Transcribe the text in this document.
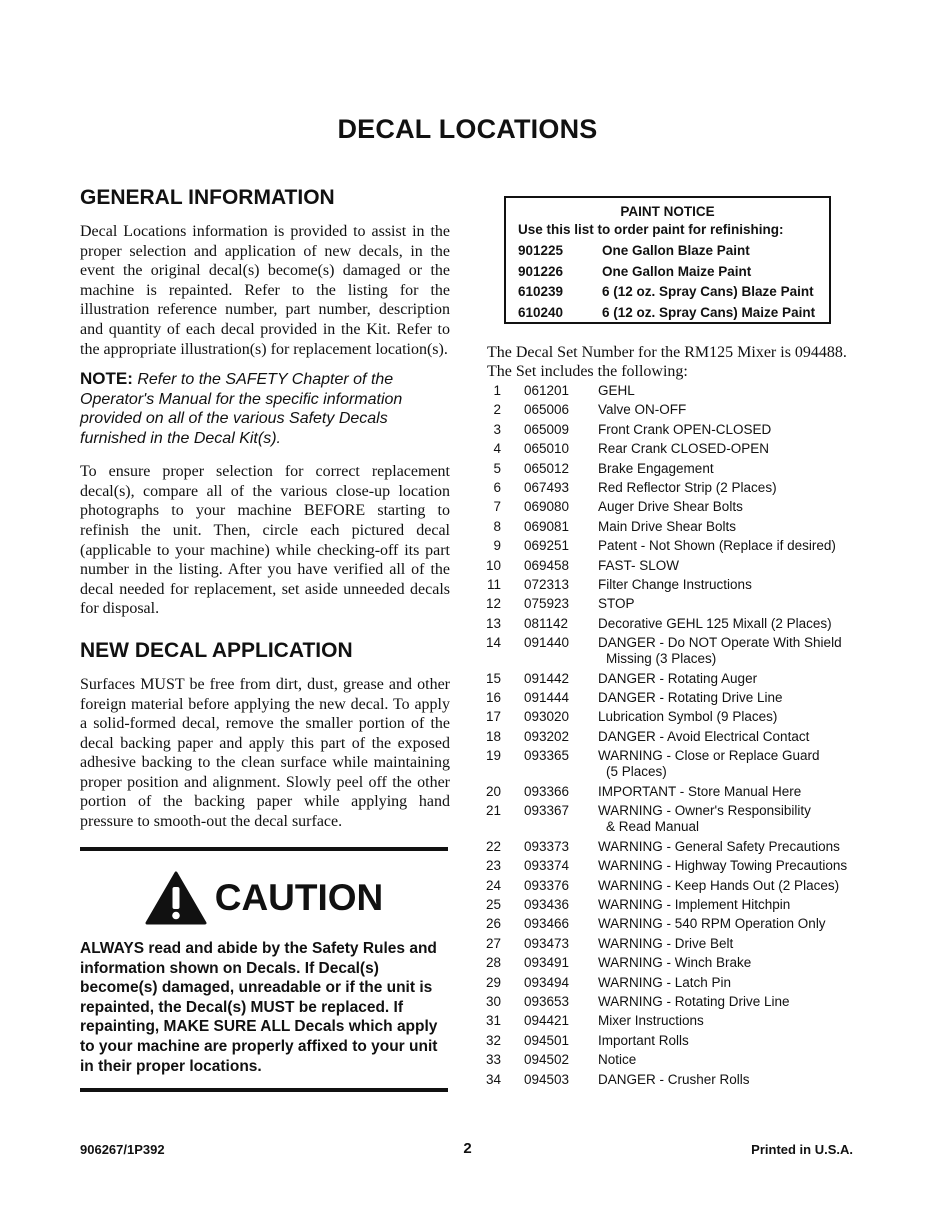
DECAL LOCATIONS
GENERAL INFORMATION

Decal Locations information is provided to assist in the proper selection and application of new decals, in the event the original decal(s) become(s) damaged or the machine is repainted. Refer to the listing for the illustration reference number, part number, description and quantity of each decal provided in the Kit. Refer to the appropriate illustration(s) for replacement location(s).

NOTE: Refer to the SAFETY Chapter of the Operator's Manual for the specific information provided on all of the various Safety Decals furnished in the Decal Kit(s).

To ensure proper selection for correct replacement decal(s), compare all of the various close-up location photographs to your machine BEFORE starting to refinish the unit. Then, circle each pictured decal (applicable to your machine) while checking-off its part number in the listing. After you have verified all of the decal needed for replacement, set aside unneeded decals for disposal.

NEW DECAL APPLICATION

Surfaces MUST be free from dirt, dust, grease and other foreign material before applying the new decal. To apply a solid-formed decal, remove the smaller portion of the decal backing paper and apply this part of the exposed adhesive backing to the clean surface while maintaining proper position and alignment. Slowly peel off the other portion of the backing paper while applying hand pressure to smooth-out the decal surface.

CAUTION

ALWAYS read and abide by the Safety Rules and information shown on Decals. If Decal(s) become(s) damaged, unreadable or if the unit is repainted, the Decal(s) MUST be replaced. If repainting, MAKE SURE ALL Decals which apply to your machine are properly affixed to your unit in their proper locations.

PAINT NOTICE
Use this list to order paint for refinishing:
901225	One Gallon Blaze Paint
901226	One Gallon Maize Paint
610239	6 (12 oz. Spray Cans) Blaze Paint
610240	6 (12 oz. Spray Cans) Maize Paint
The Decal Set Number for the RM125 Mixer is 094488.
The Set includes the following:
1 061201	GEHL
2 065006	Valve ON-OFF
3 065009	Front Crank OPEN-CLOSED
4 065010	Rear Crank CLOSED-OPEN
5 065012	Brake Engagement
6 067493	Red Reflector Strip (2 Places)
7 069080	Auger Drive Shear Bolts
8 069081	Main Drive Shear Bolts
9 069251	Patent - Not Shown (Replace if desired)
10 069458	FAST- SLOW
11 072313	Filter Change Instructions
12 075923	STOP
13 081142	Decorative GEHL 125 Mixall (2 Places)
14 091440	DANGER - Do NOT Operate With Shield
Missing (3 Places)
15 091442	DANGER - Rotating Auger
16 091444	DANGER - Rotating Drive Line
17 093020	Lubrication Symbol (9 Places)
18 093202	DANGER - Avoid Electrical Contact
19 093365	WARNING - Close or Replace Guard
(5 Places)
20 093366	IMPORTANT - Store Manual Here
21 093367	WARNING - Owner's Responsibility
& Read Manual
22 093373	WARNING - General Safety Precautions
23 093374	WARNING - Highway Towing Precautions
24 093376	WARNING - Keep Hands Out (2 Places)
25 093436	WARNING - Implement Hitchpin
26 093466	WARNING - 540 RPM Operation Only
27 093473	WARNING - Drive Belt
28 093491	WARNING - Winch Brake
29 093494	WARNING - Latch Pin
30 093653	WARNING - Rotating Drive Line
31 094421	Mixer Instructions
32 094501	Important Rolls
33 094502	Notice
34 094503	DANGER - Crusher Rolls
906267/1P392	2	Printed in U.S.A.
